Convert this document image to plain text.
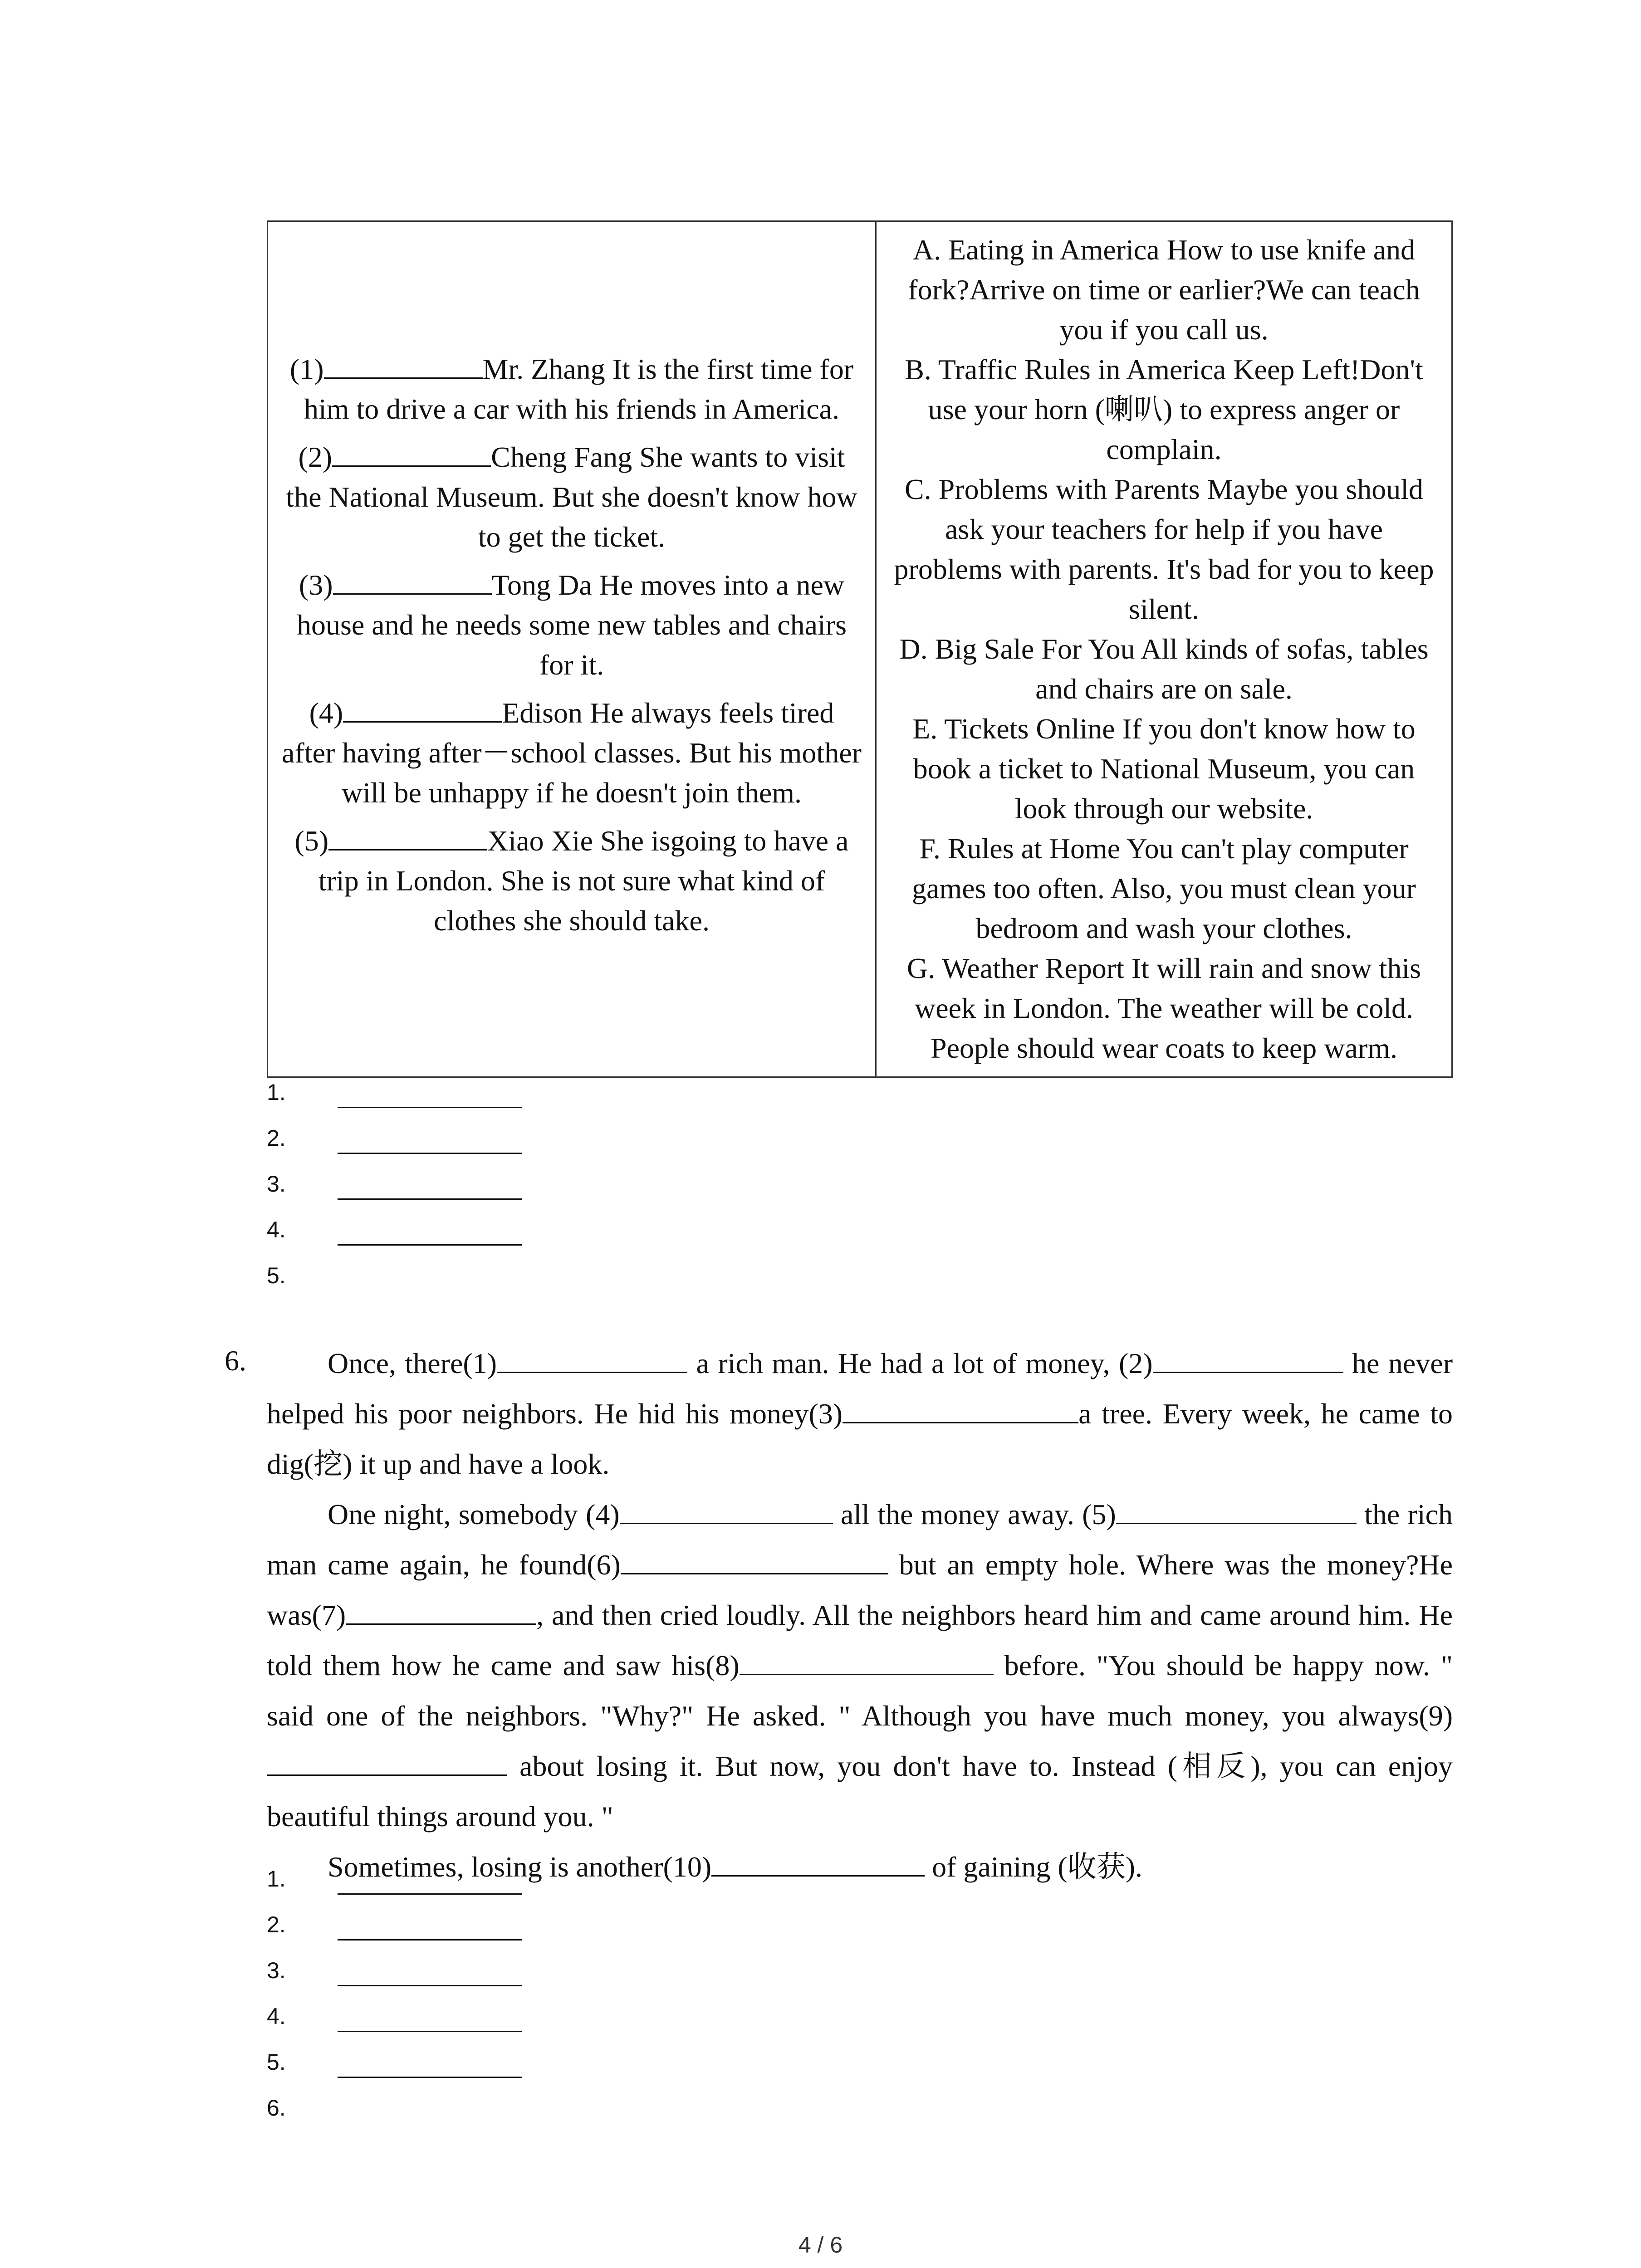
(1)	Mr. Zhang It is the first time for him to drive a car with his friends in America.
(2)	Cheng Fang She wants to visit the National Museum. But she doesn't know how to get the ticket.
(3)	Tong Da He moves into a new house and he needs some new tables and chairs for it.
(4)	Edison He always feels tired after having after－school classes. But his mother will be unhappy if he doesn't join them.
(5)	Xiao Xie She isgoing to have a trip in London. She is not sure what kind of clothes she should take.

A. Eating in America How to use knife and fork?Arrive on time or earlier?We can teach you if you call us.
B. Traffic Rules in America Keep Left!Don't use your horn (喇叭) to express anger or complain.
C. Problems with Parents Maybe you should ask your teachers for help if you have problems with parents. It's bad for you to keep silent.
D. Big Sale For You All kinds of sofas, tables and chairs are on sale.
E. Tickets Online If you don't know how to book a ticket to National Museum, you can look through our website.
F. Rules at Home You can't play computer games too often. Also, you must clean your bedroom and wash your clothes.
G. Weather Report It will rain and snow this week in London. The weather will be cold. People should wear coats to keep warm.
1.
2.
3.
4.
5.
6.	Once, there(1)	a rich man. He had a lot of money, (2)	he never helped his poor neighbors. He hid his money(3)	a tree. Every week, he came to dig(挖) it up and have a look.

One night, somebody (4)	all the money away. (5)	the rich man came again, he found(6)	but an empty hole. Where was the money?He was(7)	, and then cried loudly. All the neighbors heard him and came around him. He told them how he came and saw his(8)	before. "You should be happy now. " said one of the neighbors. "Why?" He asked. " Although you have much money, you always(9) about losing it. But now, you don't have to. Instead (相反), you can enjoy beautiful things around you. "

Sometimes, losing is another(10)	of gaining (收获).

1.
2.
3.
4.
5.
6.
4 / 6
